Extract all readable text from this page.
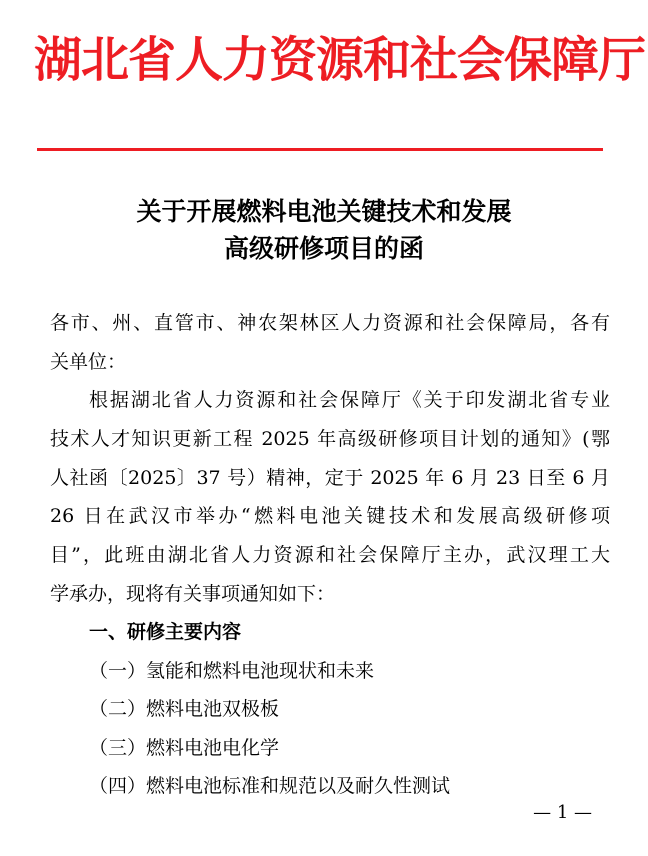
湖北省人力资源和社会保障厅
关于开展燃料电池关键技术和发展
高级研修项目的函
各市、州、直管市、神农架林区人力资源和社会保障局，各有
关单位：
根据湖北省人力资源和社会保障厅《关于印发湖北省专业
技术人才知识更新工程 2025 年高级研修项目计划的通知》(鄂
人社函〔2025〕37 号）精神，定于 2025 年 6 月 23 日至 6 月
26 日在武汉市举办“燃料电池关键技术和发展高级研修项
目”，此班由湖北省人力资源和社会保障厅主办，武汉理工大
学承办，现将有关事项通知如下：
一、研修主要内容
（一）氢能和燃料电池现状和未来
（二）燃料电池双极板
（三）燃料电池电化学
（四）燃料电池标准和规范以及耐久性测试
— 1 —
